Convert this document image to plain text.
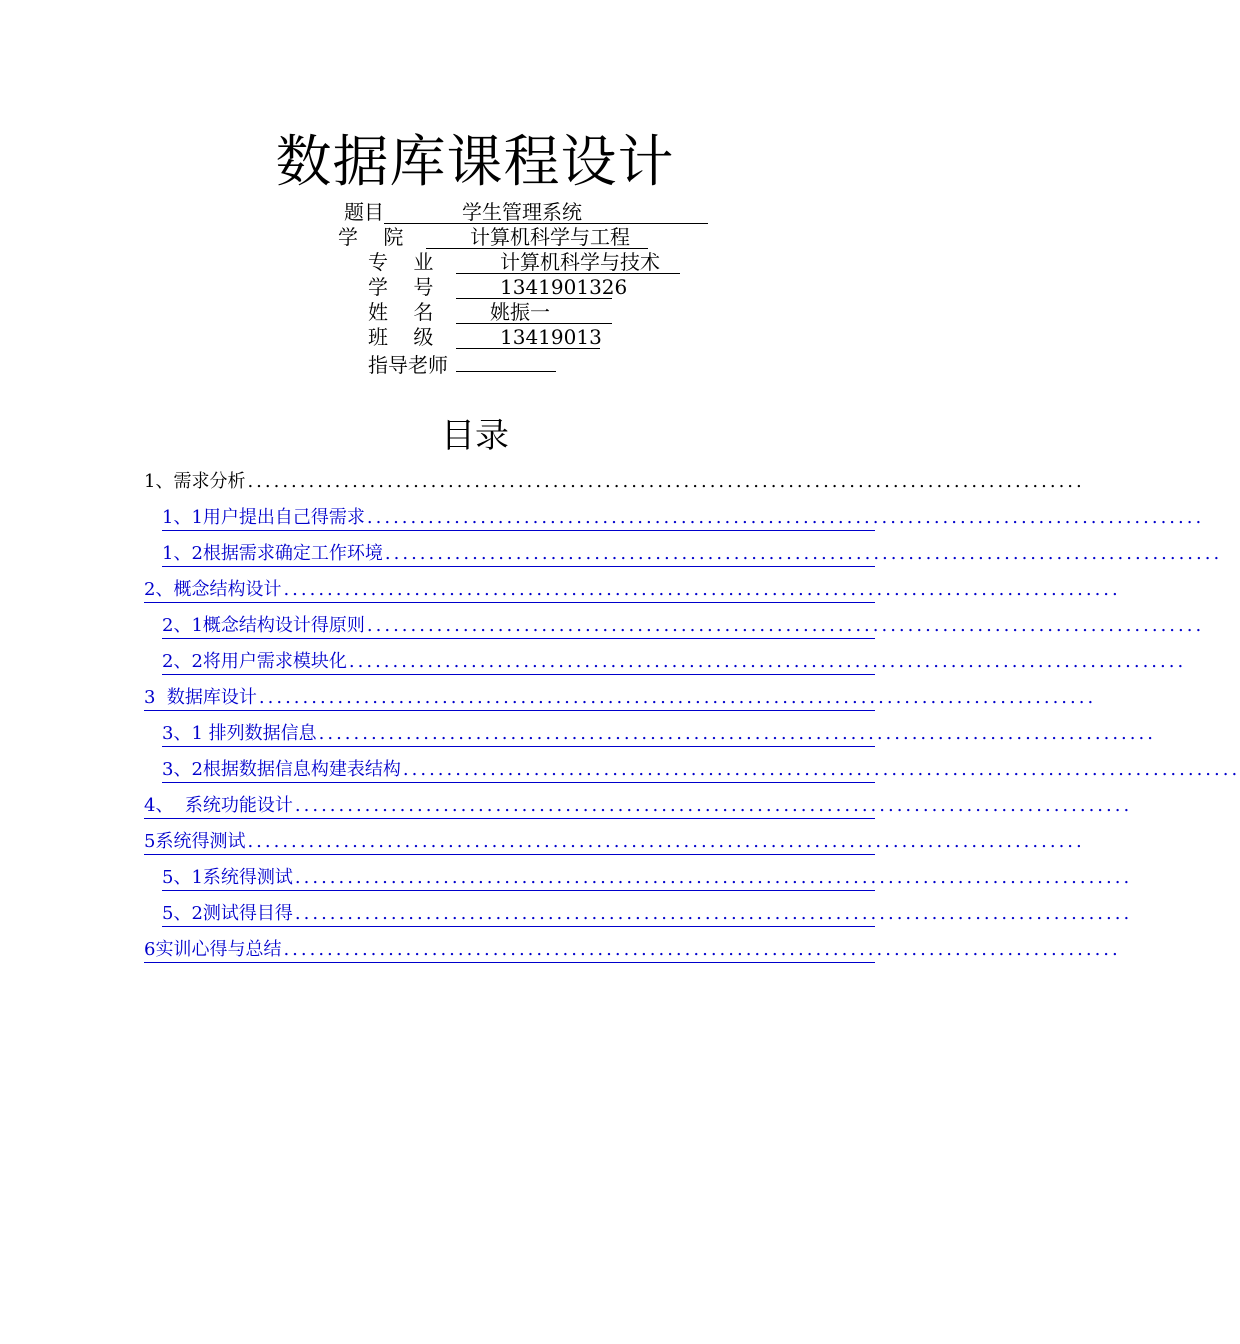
数据库课程设计
题目	学生管理系统
学    院	计算机科学与工程
专    业	计算机科学与技术
学    号	1341901326
姓    名	姚振一
班    级	13419013
指导老师
目录
1、需求分析 ................................................................................................
1、1用户提出自己得需求 ................................................................................................
1、2根据需求确定工作环境 ................................................................................................
2、概念结构设计 ................................................................................................
2、1概念结构设计得原则 ................................................................................................
2、2将用户需求模块化 ................................................................................................
3  数据库设计 ................................................................................................
3、1 排列数据信息 ................................................................................................
3、2根据数据信息构建表结构 ................................................................................................
4、  系统功能设计 ................................................................................................
5系统得测试 ................................................................................................
5、1系统得测试 ................................................................................................
5、2测试得目得 ................................................................................................
6实训心得与总结 ................................................................................................
